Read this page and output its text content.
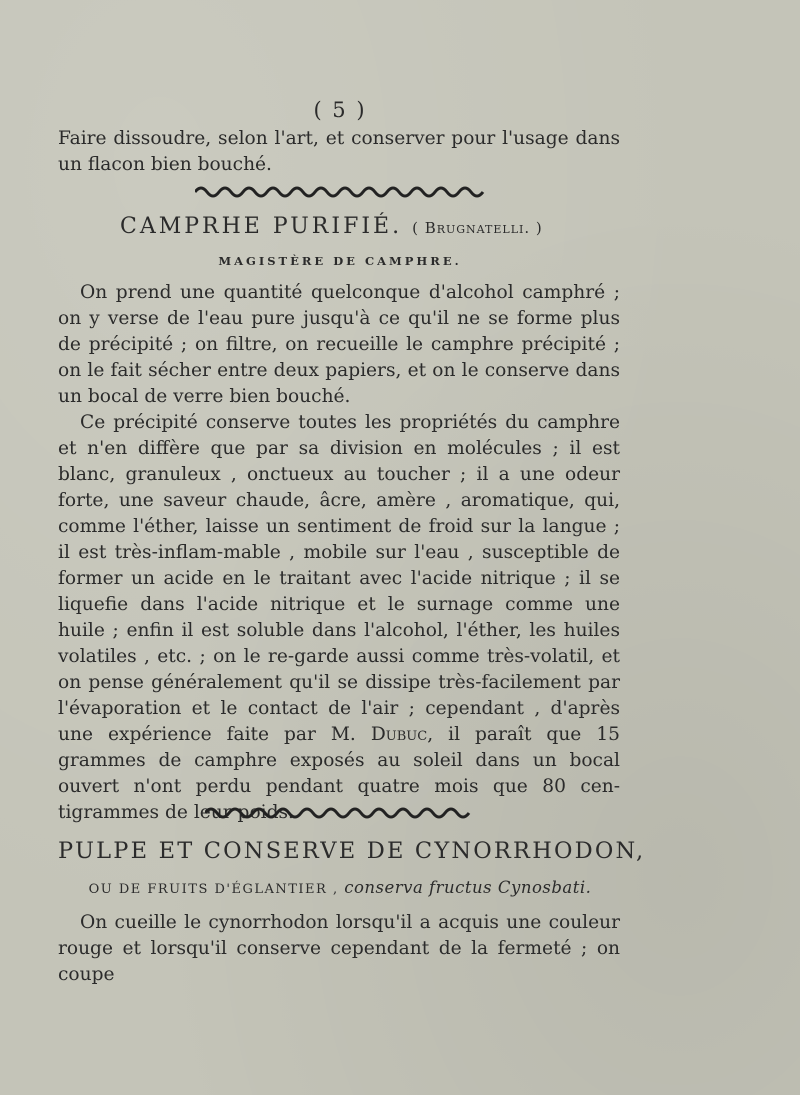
( 5 )

Faire dissoudre, selon l'art, et conserver pour l'usage dans un flacon bien bouché.

CAMPRHE PURIFIÉ. ( Brugnatelli. )
MAGISTÈRE DE CAMPHRE.

On prend une quantité quelconque d'alcohol camphré ; on y verse de l'eau pure jusqu'à ce qu'il ne se forme plus de précipité ; on filtre, on recueille le camphre précipité ; on le fait sécher entre deux papiers, et on le conserve dans un bocal de verre bien bouché.

Ce précipité conserve toutes les propriétés du camphre et n'en diffère que par sa division en molécules ; il est blanc, granuleux , onctueux au toucher ; il a une odeur forte, une saveur chaude, âcre, amère , aromatique, qui, comme l'éther, laisse un sentiment de froid sur la langue ; il est très-inflam-mable , mobile sur l'eau , susceptible de former un acide en le traitant avec l'acide nitrique ; il se liquefie dans l'acide nitrique et le surnage comme une huile ; enfin il est soluble dans l'alcohol, l'éther, les huiles volatiles , etc. ; on le re-garde aussi comme très-volatil, et on pense généralement qu'il se dissipe très-facilement par l'évaporation et le contact de l'air ; cependant , d'après une expérience faite par M. Dubuc, il paraît que 15 grammes de camphre exposés au soleil dans un bocal ouvert n'ont perdu pendant quatre mois que 80 cen-tigrammes de leur poids.

PULPE ET CONSERVE DE CYNORRHODON,
OU DE FRUITS D'ÉGLANTIER , conserva fructus Cynosbati.

On cueille le cynorrhodon lorsqu'il a acquis une couleur rouge et lorsqu'il conserve cependant de la fermeté ; on coupe
